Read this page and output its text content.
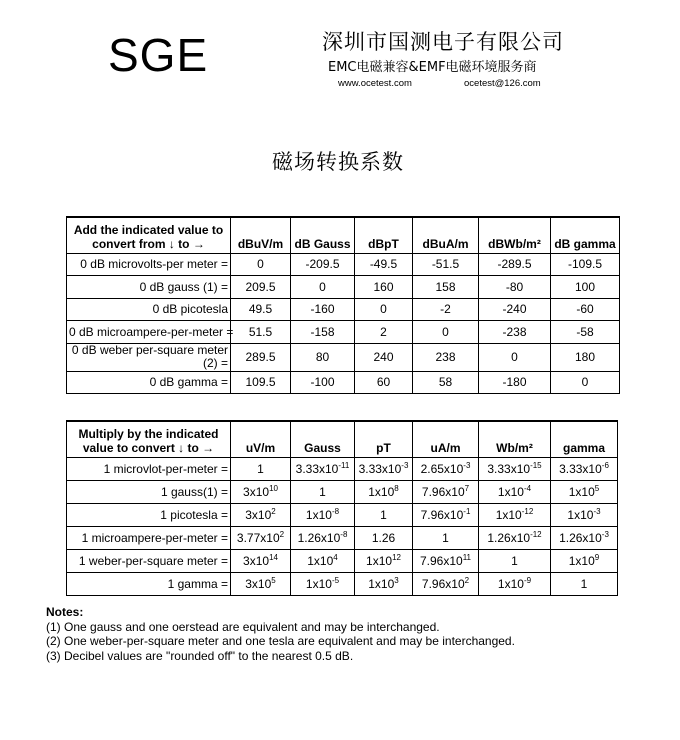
SGE	深圳市国测电子有限公司
EMC电磁兼容&EMF电磁环境服务商
www.ocetest.com	ocetest@126.com
磁场转换系数
Add the indicated value to convert from ↓ to →	dBuV/m	dB Gauss	dBpT	dBuA/m	dBWb/m²	dB gamma
0 dB microvolts-per meter =	0	-209.5	-49.5	-51.5	-289.5	-109.5
0 dB gauss (1) =	209.5	0	160	158	-80	100
0 dB picotesla	49.5	-160	0	-2	-240	-60
0 dB microampere-per-meter =	51.5	-158	2	0	-238	-58
0 dB weber per-square meter (2) =	289.5	80	240	238	0	180
0 dB gamma =	109.5	-100	60	58	-180	0
Multiply by the indicated value to convert ↓ to →	uV/m	Gauss	pT	uA/m	Wb/m²	gamma
1 microvlot-per-meter =	1	$3.33x10^{-11}$	$3.33x10^{-3}$	$2.65x10^{-3}$	$3.33x10^{-15}$	$3.33x10^{-6}$
1 gauss(1) =	$3x10^{10}$	1	$1x10^8$	$7.96x10^7$	$1x10^{-4}$	$1x10^5$
1 picotesla =	$3x10^2$	$1x10^{-8}$	1	$7.96x10^{-1}$	$1x10^{-12}$	$1x10^{-3}$
1 microampere-per-meter =	$3.77x10^2$	$1.26x10^{-8}$	1.26	1	$1.26x10^{-12}$	$1.26x10^{-3}$
1 weber-per-square meter =	$3x10^{14}$	$1x10^4$	$1x10^{12}$	$7.96x10^{11}$	1	$1x10^9$
1 gamma =	$3x10^5$	$1x10^{-5}$	$1x10^3$	$7.96x10^2$	$1x10^{-9}$	1
Notes:
(1) One gauss and one oerstead are equivalent and may be interchanged.
(2) One weber-per-square meter and one tesla are equivalent and may be interchanged.
(3) Decibel values are "rounded off" to the nearest 0.5 dB.
